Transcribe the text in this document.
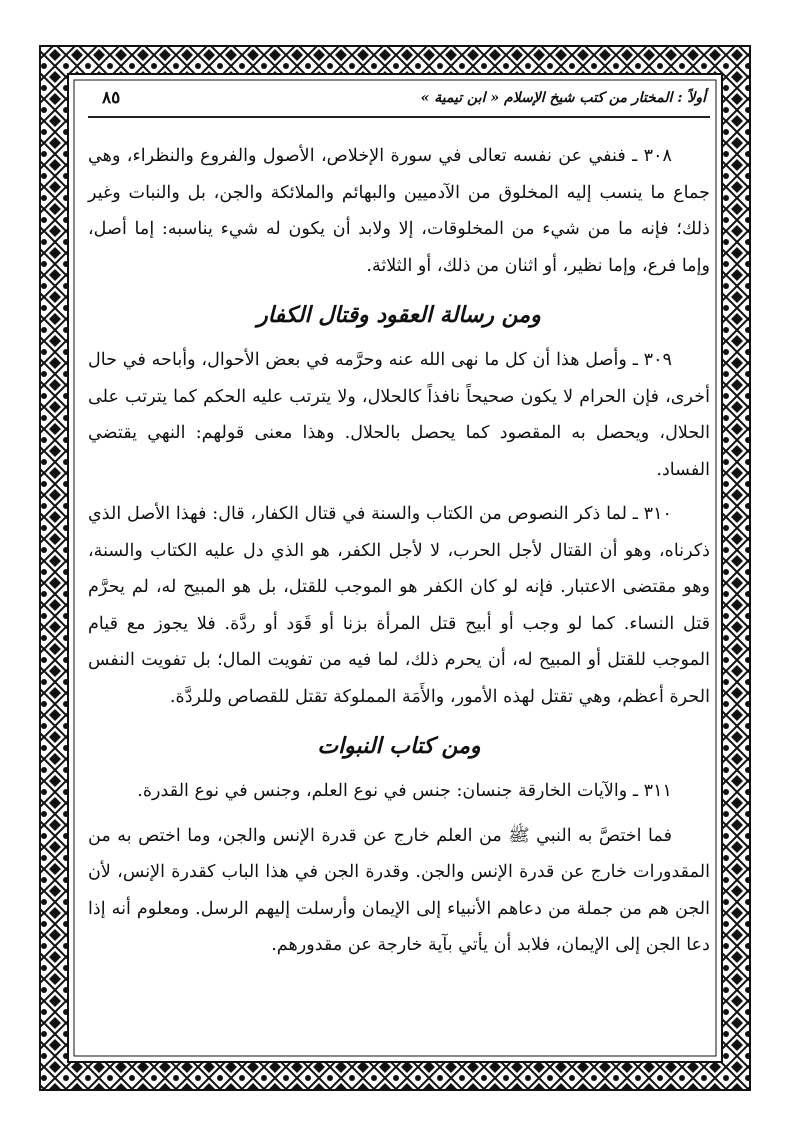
أولاً : المختار من كتب شيخ الإسلام « ابن تيمية »
٨٥

٣٠٨ ـ فنفي عن نفسه تعالى في سورة الإخلاص، الأصول والفروع والنظراء، وهي جماع ما ينسب إليه المخلوق من الآدميين والبهائم والملائكة والجن، بل والنبات وغير ذلك؛ فإنه ما من شيء من المخلوقات، إلا ولابد أن يكون له شيء يناسبه: إما أصل، وإما فرع، وإما نظير، أو اثنان من ذلك، أو الثلاثة.

ومن رسالة العقود وقتال الكفار

٣٠٩ ـ وأصل هذا أن كل ما نهى الله عنه وحرَّمه في بعض الأحوال، وأباحه في حال أخرى، فإن الحرام لا يكون صحيحاً نافذاً كالحلال، ولا يترتب عليه الحكم كما يترتب على الحلال، ويحصل به المقصود كما يحصل بالحلال. وهذا معنى قولهم: النهي يقتضي الفساد.

٣١٠ ـ لما ذكر النصوص من الكتاب والسنة في قتال الكفار، قال: فهذا الأصل الذي ذكرناه، وهو أن القتال لأجل الحرب، لا لأجل الكفر، هو الذي دل عليه الكتاب والسنة، وهو مقتضى الاعتبار. فإنه لو كان الكفر هو الموجب للقتل، بل هو المبيح له، لم يحرَّم قتل النساء. كما لو وجب أو أبيح قتل المرأة بزنا أو قَوَد أو ردَّة. فلا يجوز مع قيام الموجب للقتل أو المبيح له، أن يحرم ذلك، لما فيه من تفويت المال؛ بل تفويت النفس الحرة أعظم، وهي تقتل لهذه الأمور، والأَمَة المملوكة تقتل للقصاص وللردَّة.

ومن كتاب النبوات

٣١١ ـ والآيات الخارقة جنسان: جنس في نوع العلم، وجنس في نوع القدرة.

فما اختصَّ به النبي ﷺ من العلم خارج عن قدرة الإنس والجن، وما اختص به من المقدورات خارج عن قدرة الإنس والجن. وقدرة الجن في هذا الباب كقدرة الإنس، لأن الجن هم من جملة من دعاهم الأنبياء إلى الإيمان وأرسلت إليهم الرسل. ومعلوم أنه إذا دعا الجن إلى الإيمان، فلابد أن يأتي بآية خارجة عن مقدورهم.
